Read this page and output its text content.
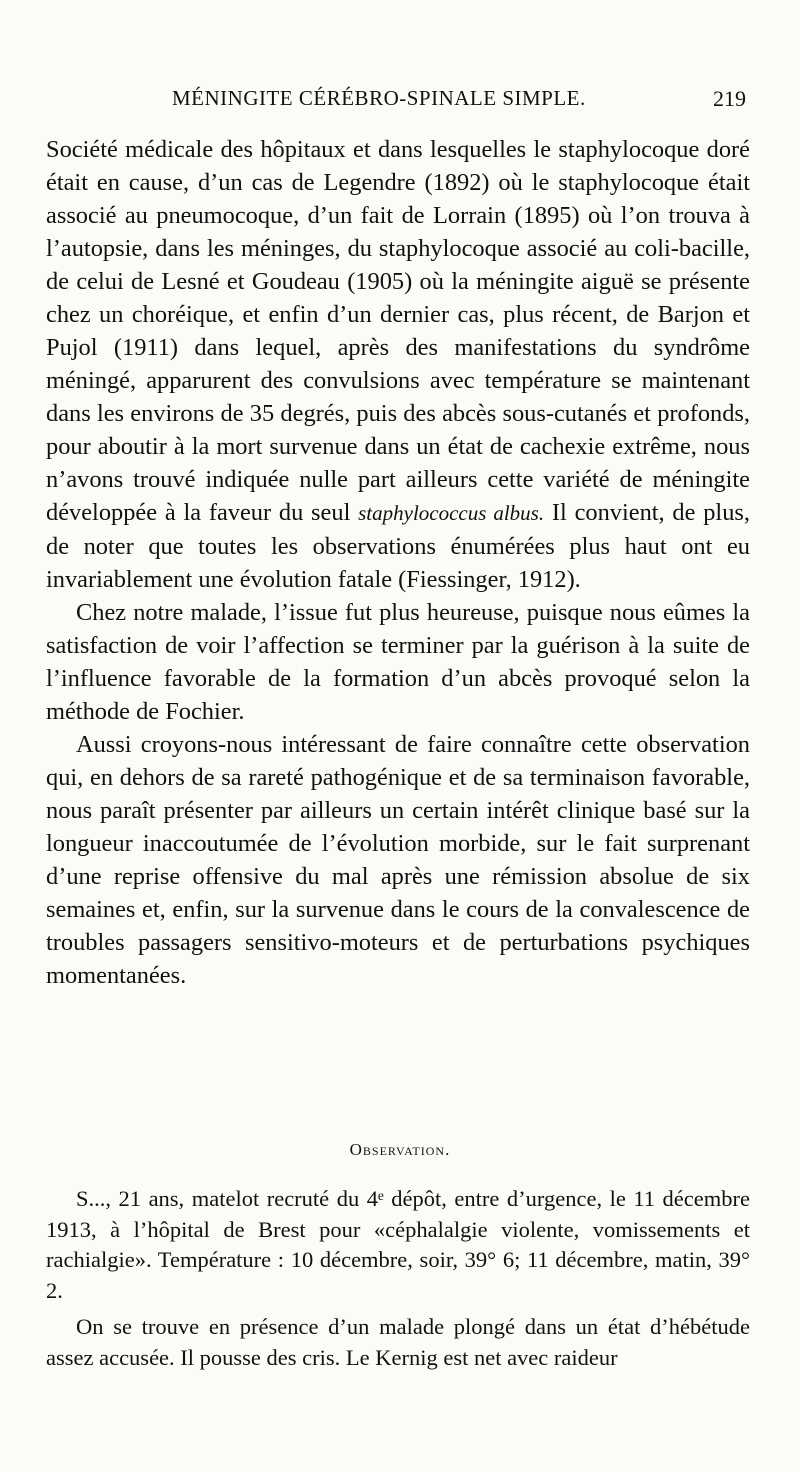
MÉNINGITE CÉRÉBRO-SPINALE SIMPLE.	219

Société médicale des hôpitaux et dans lesquelles le staphylocoque doré était en cause, d’un cas de Legendre (1892) où le staphylocoque était associé au pneumocoque, d’un fait de Lorrain (1895) où l’on trouva à l’autopsie, dans les méninges, du staphylocoque associé au coli-bacille, de celui de Lesné et Goudeau (1905) où la méningite aiguë se présente chez un choréique, et enfin d’un dernier cas, plus récent, de Barjon et Pujol (1911) dans lequel, après des manifestations du syndrôme méningé, apparurent des convulsions avec température se maintenant dans les environs de 35 degrés, puis des abcès sous-cutanés et profonds, pour aboutir à la mort survenue dans un état de cachexie extrême, nous n’avons trouvé indiquée nulle part ailleurs cette variété de méningite développée à la faveur du seul staphylococcus albus. Il convient, de plus, de noter que toutes les observations énumérées plus haut ont eu invariablement une évolution fatale (Fiessinger, 1912).

Chez notre malade, l’issue fut plus heureuse, puisque nous eûmes la satisfaction de voir l’affection se terminer par la guérison à la suite de l’influence favorable de la formation d’un abcès provoqué selon la méthode de Fochier.

Aussi croyons-nous intéressant de faire connaître cette observation qui, en dehors de sa rareté pathogénique et de sa terminaison favorable, nous paraît présenter par ailleurs un certain intérêt clinique basé sur la longueur inaccoutumée de l’évolution morbide, sur le fait surprenant d’une reprise offensive du mal après une rémission absolue de six semaines et, enfin, sur la survenue dans le cours de la convalescence de troubles passagers sensitivo-moteurs et de perturbations psychiques momentanées.

Observation.

S..., 21 ans, matelot recruté du 4ᵉ dépôt, entre d’urgence, le 11 décembre 1913, à l’hôpital de Brest pour «céphalalgie violente, vomissements et rachialgie». Température : 10 décembre, soir, 39° 6; 11 décembre, matin, 39° 2.

On se trouve en présence d’un malade plongé dans un état d’hébétude assez accusée. Il pousse des cris. Le Kernig est net avec raideur
